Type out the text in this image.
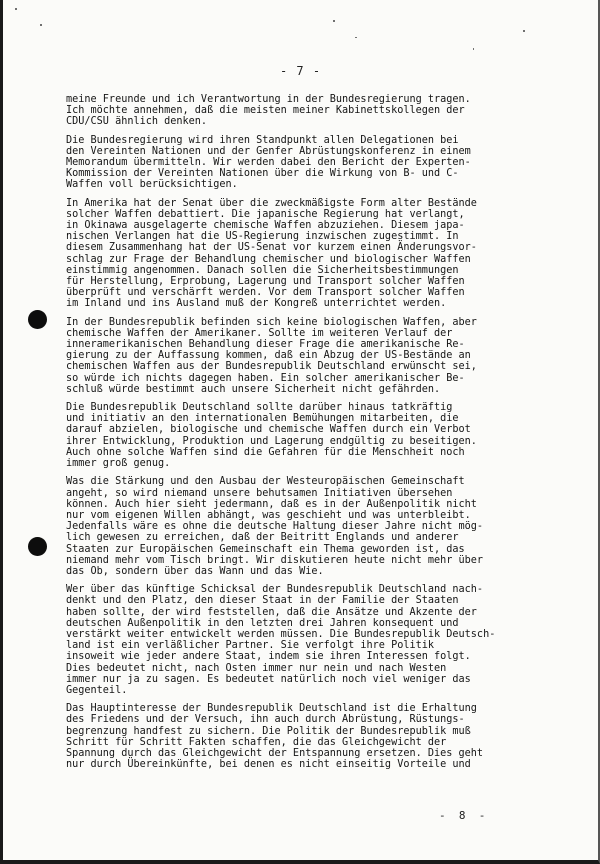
- 7 -
meine Freunde und ich Verantwortung in der Bundesregierung tragen.
Ich möchte annehmen, daß die meisten meiner Kabinettskollegen der
CDU/CSU ähnlich denken.
Die Bundesregierung wird ihren Standpunkt allen Delegationen bei
den Vereinten Nationen und der Genfer Abrüstungskonferenz in einem
Memorandum übermitteln. Wir werden dabei den Bericht der Experten-
Kommission der Vereinten Nationen über die Wirkung von B- und C-
Waffen voll berücksichtigen.
In Amerika hat der Senat über die zweckmäßigste Form alter Bestände
solcher Waffen debattiert. Die japanische Regierung hat verlangt,
in Okinawa ausgelagerte chemische Waffen abzuziehen. Diesem japa-
nischen Verlangen hat die US-Regierung inzwischen zugestimmt. In
diesem Zusammenhang hat der US-Senat vor kurzem einen Änderungsvor-
schlag zur Frage der Behandlung chemischer und biologischer Waffen
einstimmig angenommen. Danach sollen die Sicherheitsbestimmungen
für Herstellung, Erprobung, Lagerung und Transport solcher Waffen
überprüft und verschärft werden. Vor dem Transport solcher Waffen
im Inland und ins Ausland muß der Kongreß unterrichtet werden.
In der Bundesrepublik befinden sich keine biologischen Waffen, aber
chemische Waffen der Amerikaner. Sollte im weiteren Verlauf der
inneramerikanischen Behandlung dieser Frage die amerikanische Re-
gierung zu der Auffassung kommen, daß ein Abzug der US-Bestände an
chemischen Waffen aus der Bundesrepublik Deutschland erwünscht sei,
so würde ich nichts dagegen haben. Ein solcher amerikanischer Be-
schluß würde bestimmt auch unsere Sicherheit nicht gefährden.
Die Bundesrepublik Deutschland sollte darüber hinaus tatkräftig
und initiativ an den internationalen Bemühungen mitarbeiten, die
darauf abzielen, biologische und chemische Waffen durch ein Verbot
ihrer Entwicklung, Produktion und Lagerung endgültig zu beseitigen.
Auch ohne solche Waffen sind die Gefahren für die Menschheit noch
immer groß genug.
Was die Stärkung und den Ausbau der Westeuropäischen Gemeinschaft
angeht, so wird niemand unsere behutsamen Initiativen übersehen
können. Auch hier sieht jedermann, daß es in der Außenpolitik nicht
nur vom eigenen Willen abhängt, was geschieht und was unterbleibt.
Jedenfalls wäre es ohne die deutsche Haltung dieser Jahre nicht mög-
lich gewesen zu erreichen, daß der Beitritt Englands und anderer
Staaten zur Europäischen Gemeinschaft ein Thema geworden ist, das
niemand mehr vom Tisch bringt. Wir diskutieren heute nicht mehr über
das Ob, sondern über das Wann und das Wie.
Wer über das künftige Schicksal der Bundesrepublik Deutschland nach-
denkt und den Platz, den dieser Staat in der Familie der Staaten
haben sollte, der wird feststellen, daß die Ansätze und Akzente der
deutschen Außenpolitik in den letzten drei Jahren konsequent und
verstärkt weiter entwickelt werden müssen. Die Bundesrepublik Deutsch-
land ist ein verläßlicher Partner. Sie verfolgt ihre Politik
insoweit wie jeder andere Staat, indem sie ihren Interessen folgt.
Dies bedeutet nicht, nach Osten immer nur nein und nach Westen
immer nur ja zu sagen. Es bedeutet natürlich noch viel weniger das
Gegenteil.
Das Hauptinteresse der Bundesrepublik Deutschland ist die Erhaltung
des Friedens und der Versuch, ihn auch durch Abrüstung, Rüstungs-
begrenzung handfest zu sichern. Die Politik der Bundesrepublik muß
Schritt für Schritt Fakten schaffen, die das Gleichgewicht der
Spannung durch das Gleichgewicht der Entspannung ersetzen. Dies geht
nur durch Übereinkünfte, bei denen es nicht einseitig Vorteile und
-  8  -
